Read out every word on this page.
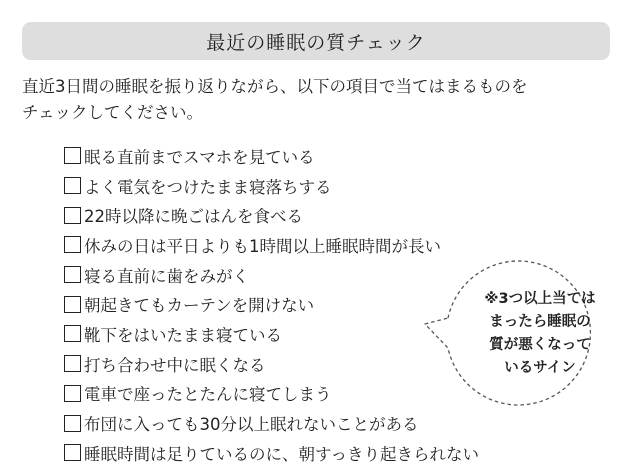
最近の睡眠の質チェック
直近3日間の睡眠を振り返りながら、以下の項目で当てはまるものを
チェックしてください。
眠る直前までスマホを見ている
よく電気をつけたまま寝落ちする
22時以降に晩ごはんを食べる
休みの日は平日よりも1時間以上睡眠時間が長い
寝る直前に歯をみがく
朝起きてもカーテンを開けない
靴下をはいたまま寝ている
打ち合わせ中に眠くなる
電車で座ったとたんに寝てしまう
布団に入っても30分以上眠れないことがある
睡眠時間は足りているのに、朝すっきり起きられない
※3つ以上当ては
まったら睡眠の
質が悪くなって
いるサイン
